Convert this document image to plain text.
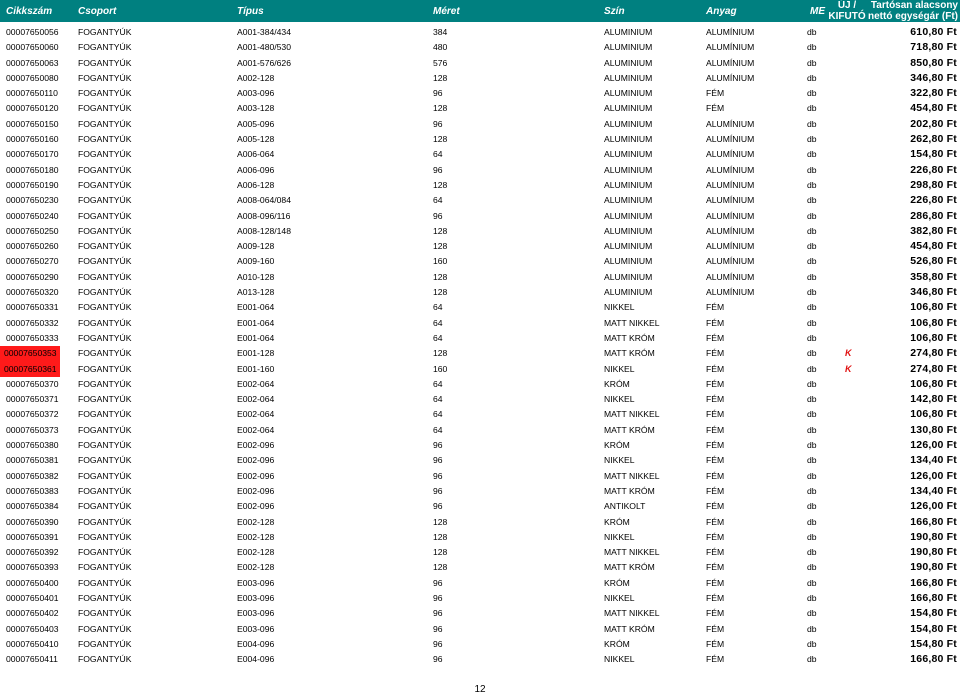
Cikkszám	Csoport	Típus	Méret	Szín	Anyag	ME ÚJ /
KIFUTÓ
Tartósan alacsony
nettó egységár (Ft)
00007650056 FOGANTYÚK	A001-384/434	384	ALUMINIUM	ALUMÍNIUM	db	610,80 Ft
00007650060 FOGANTYÚK	A001-480/530	480	ALUMINIUM	ALUMÍNIUM	db	718,80 Ft
00007650063 FOGANTYÚK	A001-576/626	576	ALUMINIUM	ALUMÍNIUM	db	850,80 Ft
00007650080 FOGANTYÚK	A002-128	128	ALUMINIUM	ALUMÍNIUM	db	346,80 Ft
00007650110 FOGANTYÚK	A003-096	96	ALUMINIUM	FÉM	db	322,80 Ft
00007650120 FOGANTYÚK	A003-128	128	ALUMINIUM	FÉM	db	454,80 Ft
00007650150 FOGANTYÚK	A005-096	96	ALUMINIUM	ALUMÍNIUM	db	202,80 Ft
00007650160 FOGANTYÚK	A005-128	128	ALUMINIUM	ALUMÍNIUM	db	262,80 Ft
00007650170 FOGANTYÚK	A006-064	64	ALUMINIUM	ALUMÍNIUM	db	154,80 Ft
00007650180 FOGANTYÚK	A006-096	96	ALUMINIUM	ALUMÍNIUM	db	226,80 Ft
00007650190 FOGANTYÚK	A006-128	128	ALUMINIUM	ALUMÍNIUM	db	298,80 Ft
00007650230 FOGANTYÚK	A008-064/084	64	ALUMINIUM	ALUMÍNIUM	db	226,80 Ft
00007650240 FOGANTYÚK	A008-096/116	96	ALUMINIUM	ALUMÍNIUM	db	286,80 Ft
00007650250 FOGANTYÚK	A008-128/148	128	ALUMINIUM	ALUMÍNIUM	db	382,80 Ft
00007650260 FOGANTYÚK	A009-128	128	ALUMINIUM	ALUMÍNIUM	db	454,80 Ft
00007650270 FOGANTYÚK	A009-160	160	ALUMINIUM	ALUMÍNIUM	db	526,80 Ft
00007650290 FOGANTYÚK	A010-128	128	ALUMINIUM	ALUMÍNIUM	db	358,80 Ft
00007650320 FOGANTYÚK	A013-128	128	ALUMINIUM	ALUMÍNIUM	db	346,80 Ft
00007650331 FOGANTYÚK	E001-064	64	NIKKEL	FÉM	db	106,80 Ft
00007650332 FOGANTYÚK	E001-064	64	MATT NIKKEL	FÉM	db	106,80 Ft
00007650333 FOGANTYÚK	E001-064	64	MATT KRÓM	FÉM	db	106,80 Ft
00007650353	FOGANTYÚK	E001-128	128	MATT KRÓM	FÉM	db	K	274,80 Ft
00007650361	FOGANTYÚK	E001-160	160	NIKKEL	FÉM	db	K	274,80 Ft
00007650370 FOGANTYÚK	E002-064	64	KRÓM	FÉM	db	106,80 Ft
00007650371 FOGANTYÚK	E002-064	64	NIKKEL	FÉM	db	142,80 Ft
00007650372 FOGANTYÚK	E002-064	64	MATT NIKKEL	FÉM	db	106,80 Ft
00007650373 FOGANTYÚK	E002-064	64	MATT KRÓM	FÉM	db	130,80 Ft
00007650380 FOGANTYÚK	E002-096	96	KRÓM	FÉM	db	126,00 Ft
00007650381 FOGANTYÚK	E002-096	96	NIKKEL	FÉM	db	134,40 Ft
00007650382 FOGANTYÚK	E002-096	96	MATT NIKKEL	FÉM	db	126,00 Ft
00007650383 FOGANTYÚK	E002-096	96	MATT KRÓM	FÉM	db	134,40 Ft
00007650384 FOGANTYÚK	E002-096	96	ANTIKOLT	FÉM	db	126,00 Ft
00007650390 FOGANTYÚK	E002-128	128	KRÓM	FÉM	db	166,80 Ft
00007650391 FOGANTYÚK	E002-128	128	NIKKEL	FÉM	db	190,80 Ft
00007650392 FOGANTYÚK	E002-128	128	MATT NIKKEL	FÉM	db	190,80 Ft
00007650393 FOGANTYÚK	E002-128	128	MATT KRÓM	FÉM	db	190,80 Ft
00007650400 FOGANTYÚK	E003-096	96	KRÓM	FÉM	db	166,80 Ft
00007650401 FOGANTYÚK	E003-096	96	NIKKEL	FÉM	db	166,80 Ft
00007650402 FOGANTYÚK	E003-096	96	MATT NIKKEL	FÉM	db	154,80 Ft
00007650403 FOGANTYÚK	E003-096	96	MATT KRÓM	FÉM	db	154,80 Ft
00007650410 FOGANTYÚK	E004-096	96	KRÓM	FÉM	db	154,80 Ft
00007650411 FOGANTYÚK	E004-096	96	NIKKEL	FÉM	db	166,80 Ft
12
